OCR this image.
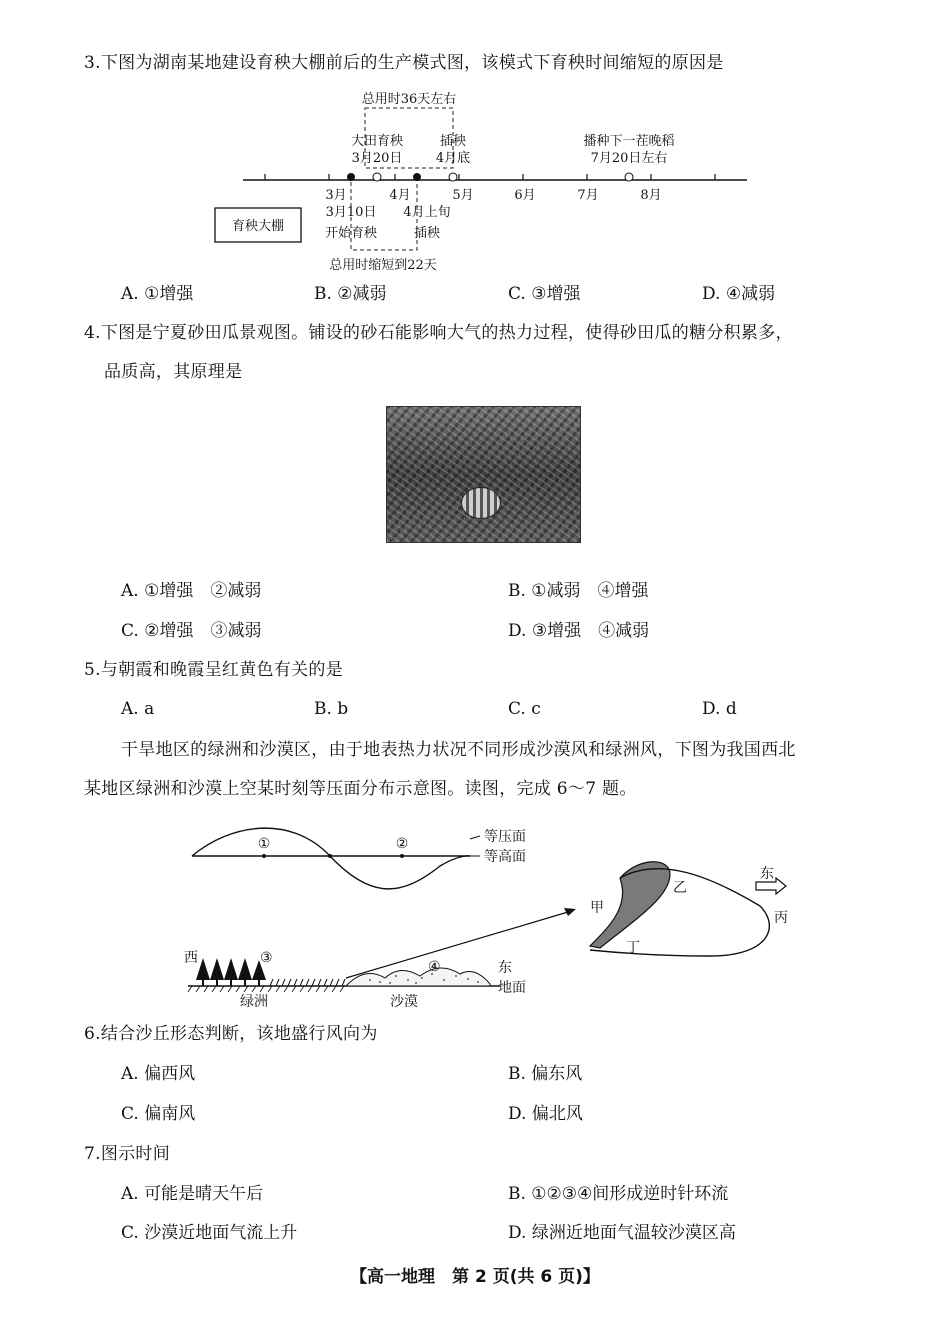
3.下图为湖南某地建设育秧大棚前后的生产模式图，该模式下育秧时间缩短的原因是
总用时36天左右
大田育秧
3月20日
插秧
4月底
播种下一茬晚稻
7月20日左右
3月	4月	5月	6月	7月	8月
育秧大棚
3月10日
开始育秧
4月上旬
插秧
总用时缩短到22天
A. ①增强	B. ②减弱	C. ③增强	D. ④减弱
4.下图是宁夏砂田瓜景观图。铺设的砂石能影响大气的热力过程，使得砂田瓜的糖分积累多，
品质高，其原理是
A. ①增强　②减弱	B. ①减弱　④增强
C. ②增强　③减弱	D. ③增强　④减弱
5.与朝霞和晚霞呈红黄色有关的是
A. a	B. b	C. c	D. d
干旱地区的绿洲和沙漠区，由于地表热力状况不同形成沙漠风和绿洲风，下图为我国西北
某地区绿洲和沙漠上空某时刻等压面分布示意图。读图，完成 6～7 题。
①	②	等压面
等高面
西	③
④	东
地面
绿洲	沙漠
甲
乙
丙
丁
东
6.结合沙丘形态判断，该地盛行风向为
A. 偏西风	B. 偏东风
C. 偏南风	D. 偏北风
7.图示时间
A. 可能是晴天午后	B. ①②③④间形成逆时针环流
C. 沙漠近地面气流上升	D. 绿洲近地面气温较沙漠区高
【高一地理　第 2 页(共 6 页)】
